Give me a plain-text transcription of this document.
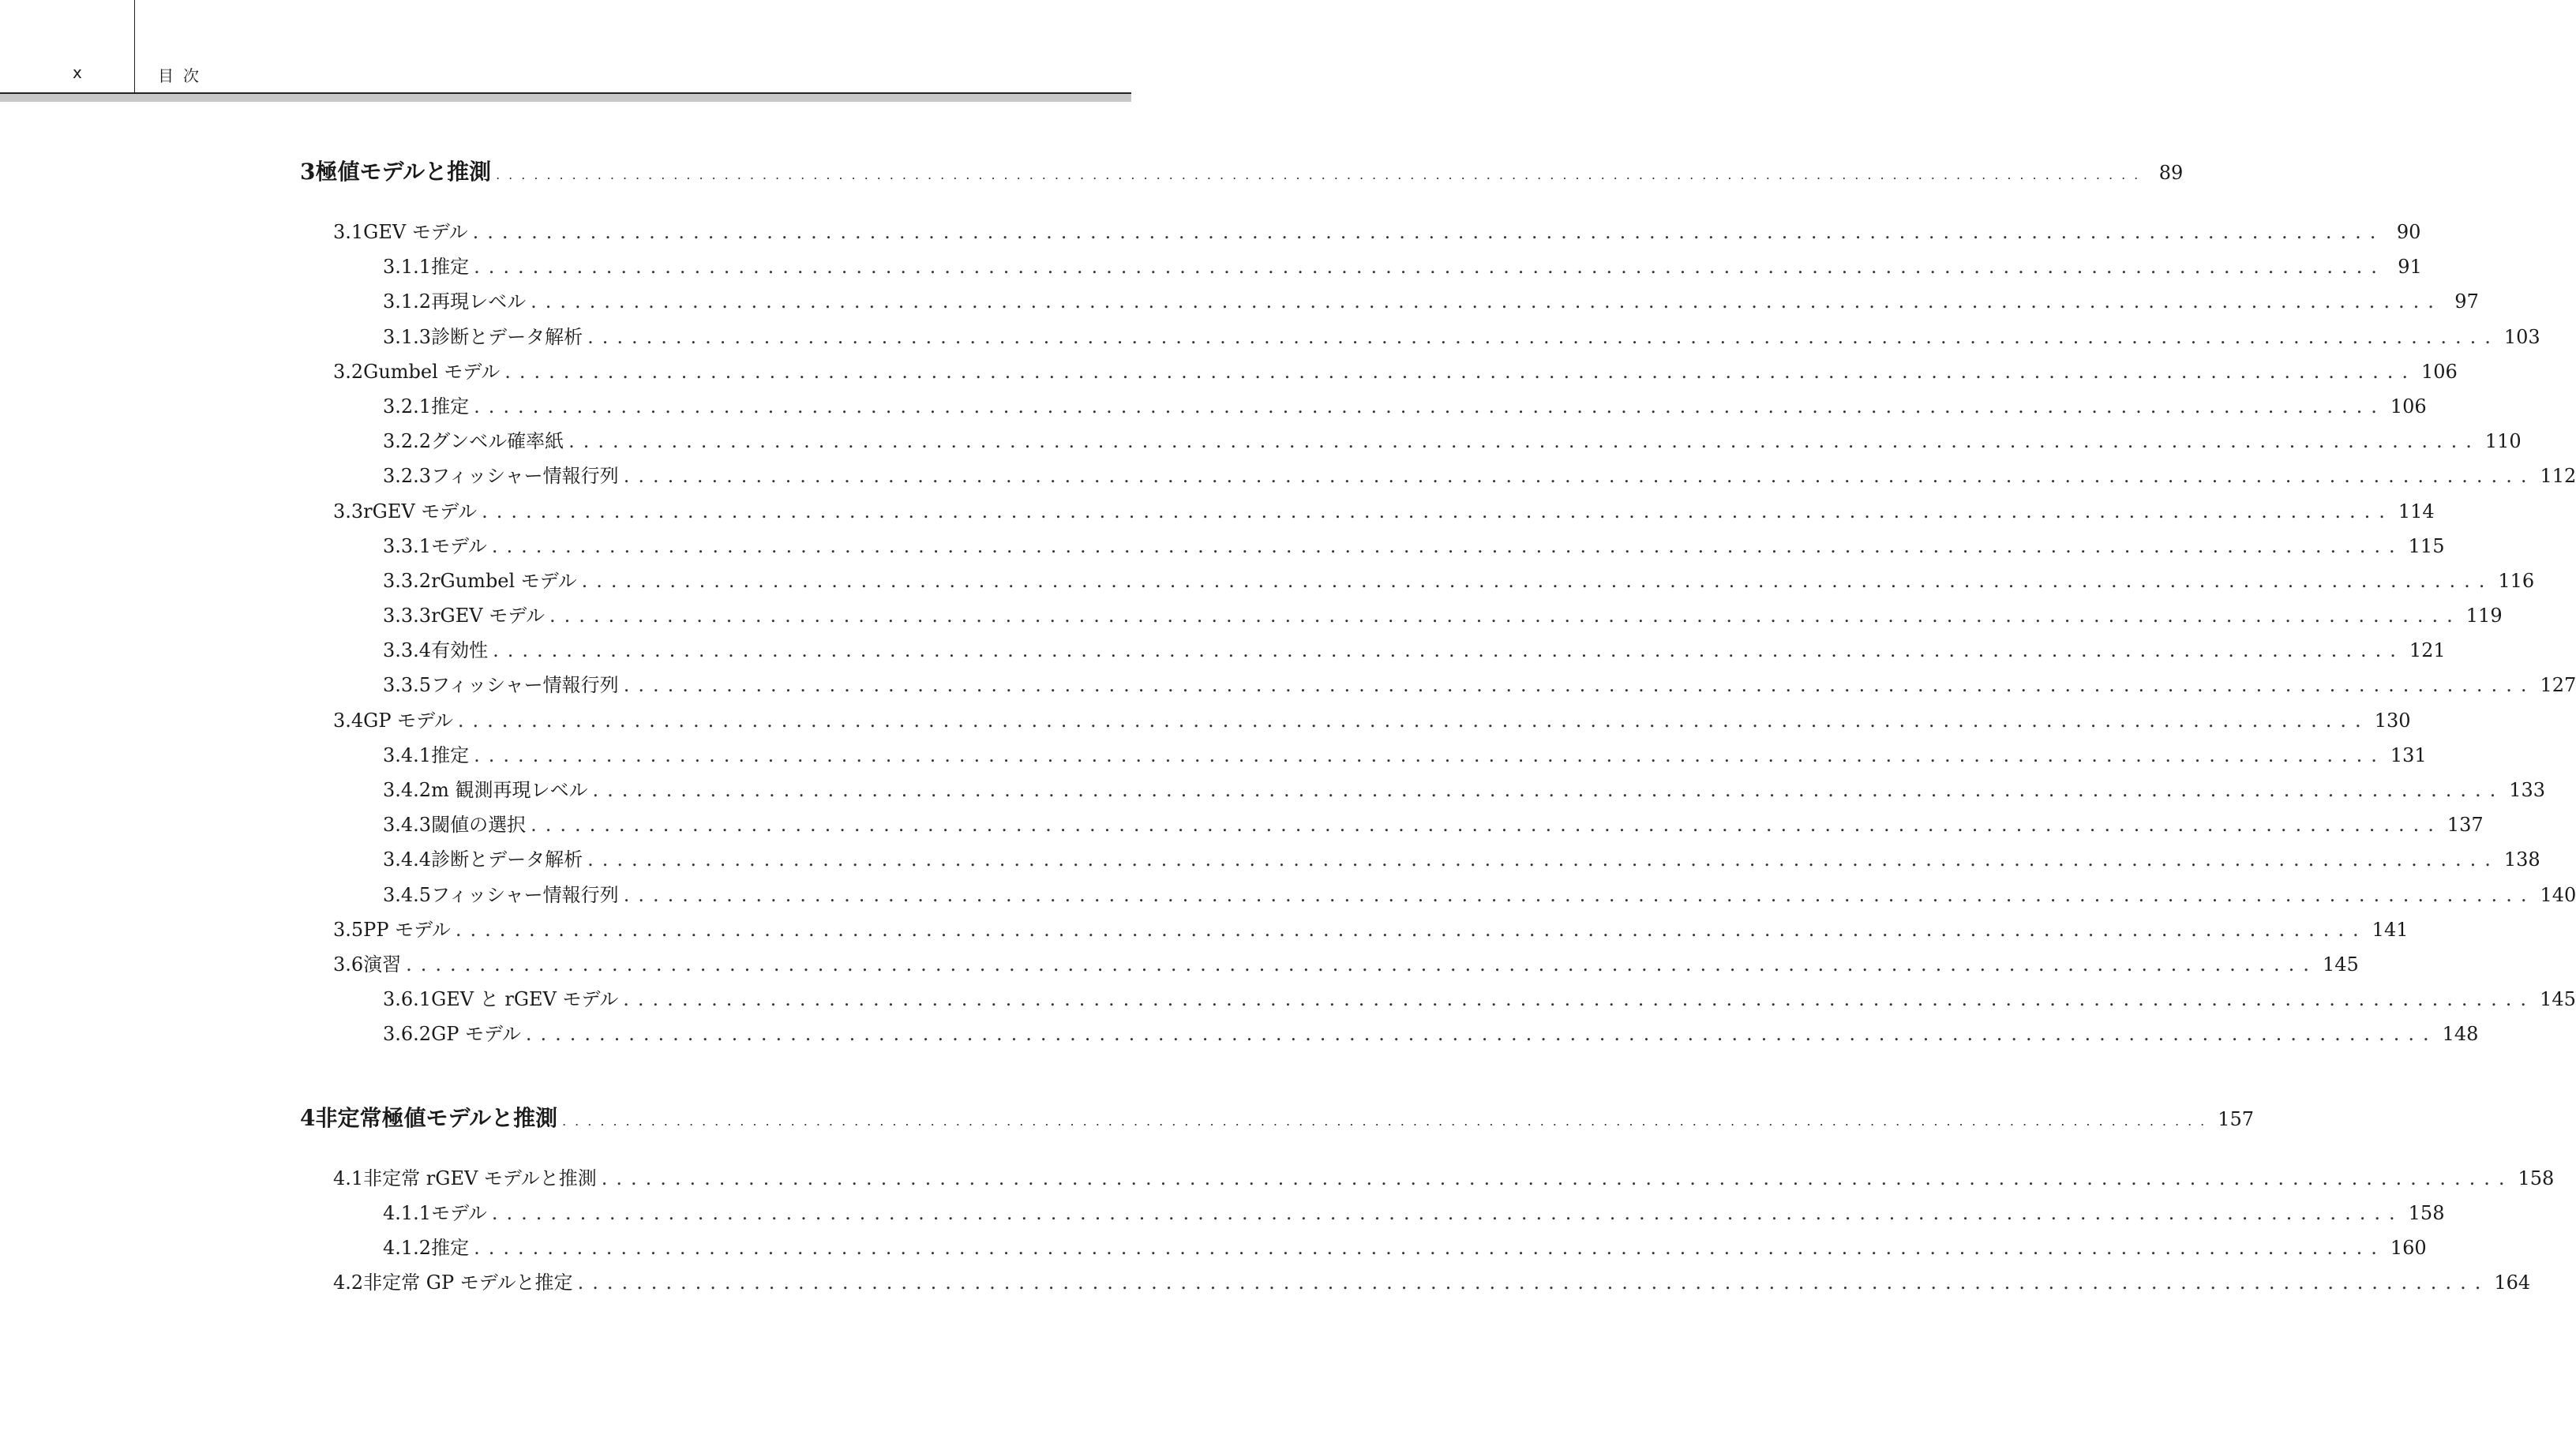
x	目次
3 極値モデルと推測 .................................................................................................................................. 89
3.1 GEV モデル .................................................................................................................................. 90
3.1.1 推定 .................................................................................................................................. 91
3.1.2 再現レベル .................................................................................................................................. 97
3.1.3 診断とデータ解析 .................................................................................................................................. 103
3.2 Gumbel モデル .................................................................................................................................. 106
3.2.1 推定 .................................................................................................................................. 106
3.2.2 グンベル確率紙 .................................................................................................................................. 110
3.2.3 フィッシャー情報行列 .................................................................................................................................. 112
3.3 rGEV モデル .................................................................................................................................. 114
3.3.1 モデル .................................................................................................................................. 115
3.3.2 rGumbel モデル .................................................................................................................................. 116
3.3.3 rGEV モデル .................................................................................................................................. 119
3.3.4 有効性 .................................................................................................................................. 121
3.3.5 フィッシャー情報行列 .................................................................................................................................. 127
3.4 GP モデル .................................................................................................................................. 130
3.4.1 推定 .................................................................................................................................. 131
3.4.2 m 観測再現レベル .................................................................................................................................. 133
3.4.3 閾値の選択 .................................................................................................................................. 137
3.4.4 診断とデータ解析 .................................................................................................................................. 138
3.4.5 フィッシャー情報行列 .................................................................................................................................. 140
3.5 PP モデル .................................................................................................................................. 141
3.6 演習 .................................................................................................................................. 145
3.6.1 GEV と rGEV モデル .................................................................................................................................. 145
3.6.2 GP モデル .................................................................................................................................. 148
4 非定常極値モデルと推測 .................................................................................................................................. 157
4.1 非定常 rGEV モデルと推測 .................................................................................................................................. 158
4.1.1 モデル .................................................................................................................................. 158
4.1.2 推定 .................................................................................................................................. 160
4.2 非定常 GP モデルと推定 .................................................................................................................................. 164
